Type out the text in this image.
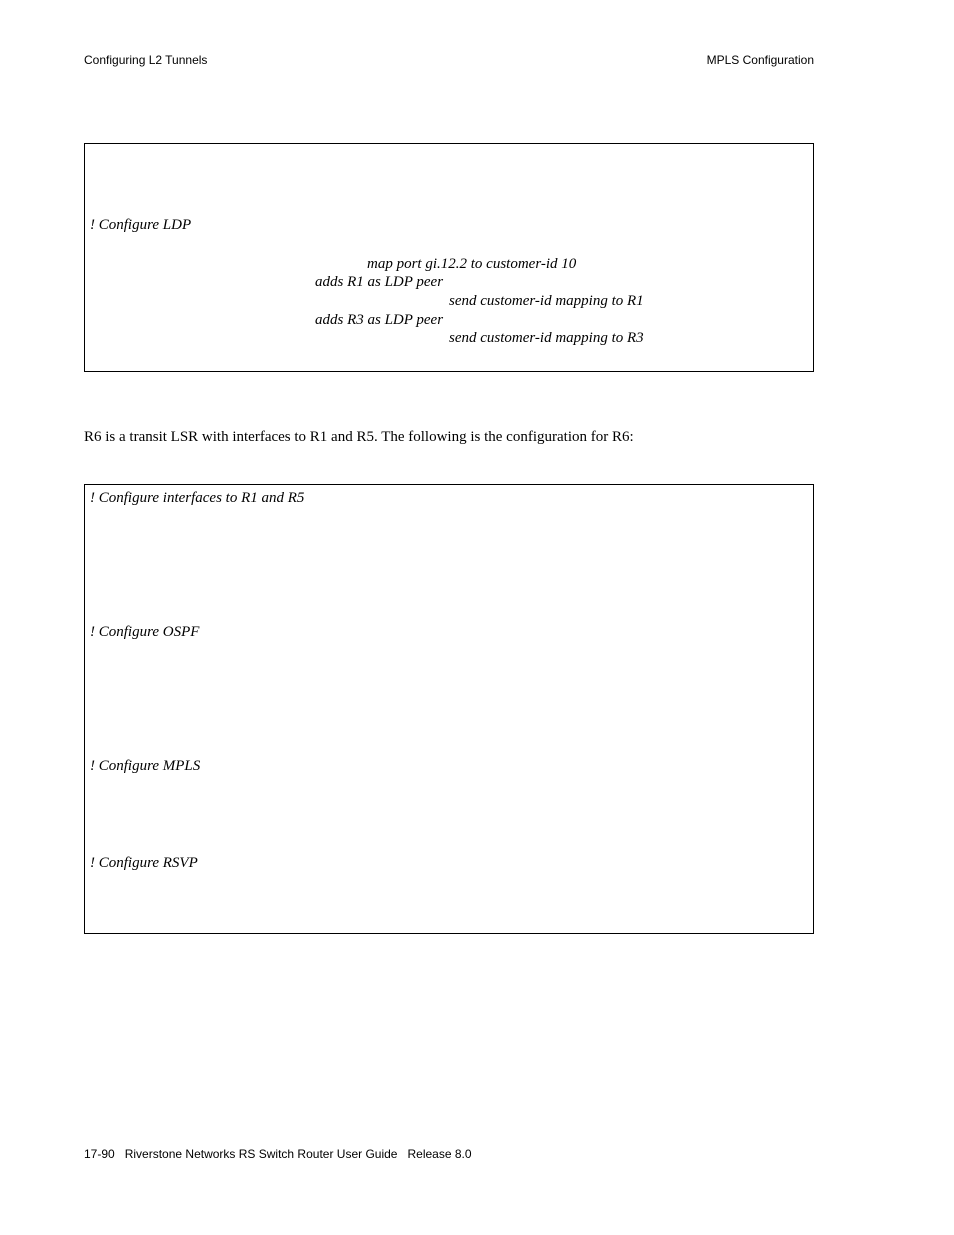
Configuring L2 Tunnels	MPLS Configuration
! Configure LDP
map port gi.12.2 to customer-id 10
adds R1 as LDP peer
send customer-id mapping to R1
adds R3 as LDP peer
send customer-id mapping to R3
R6 is a transit LSR with interfaces to R1 and R5. The following is the configuration for R6:
! Configure interfaces to R1 and R5
! Configure OSPF
! Configure MPLS
! Configure RSVP
17-90 Riverstone Networks RS Switch Router User Guide Release 8.0
